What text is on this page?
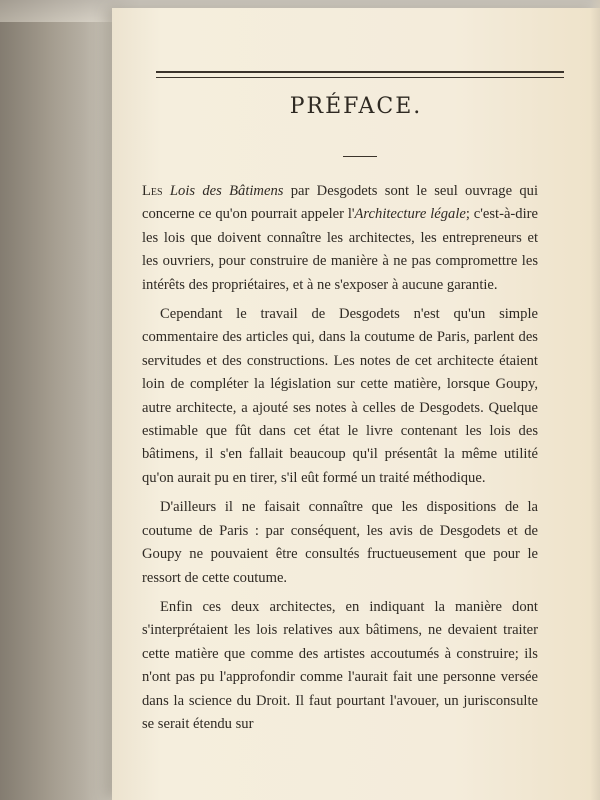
PRÉFACE.

Les Lois des Bâtimens par Desgodets sont le seul ouvrage qui concerne ce qu'on pourrait appeler l'Architecture légale; c'est-à-dire les lois que doivent connaître les architectes, les entrepreneurs et les ouvriers, pour construire de manière à ne pas compromettre les intérêts des propriétaires, et à ne s'exposer à aucune garantie.

Cependant le travail de Desgodets n'est qu'un simple commentaire des articles qui, dans la coutume de Paris, parlent des servitudes et des constructions. Les notes de cet architecte étaient loin de compléter la législation sur cette matière, lorsque Goupy, autre architecte, a ajouté ses notes à celles de Desgodets. Quelque estimable que fût dans cet état le livre contenant les lois des bâtimens, il s'en fallait beaucoup qu'il présentât la même utilité qu'on aurait pu en tirer, s'il eût formé un traité méthodique.

D'ailleurs il ne faisait connaître que les dispositions de la coutume de Paris : par conséquent, les avis de Desgodets et de Goupy ne pouvaient être consultés fructueusement que pour le ressort de cette coutume.

Enfin ces deux architectes, en indiquant la manière dont s'interprétaient les lois relatives aux bâtimens, ne devaient traiter cette matière que comme des artistes accoutumés à construire; ils n'ont pas pu l'approfondir comme l'aurait fait une personne versée dans la science du Droit. Il faut pourtant l'avouer, un jurisconsulte se serait étendu sur
